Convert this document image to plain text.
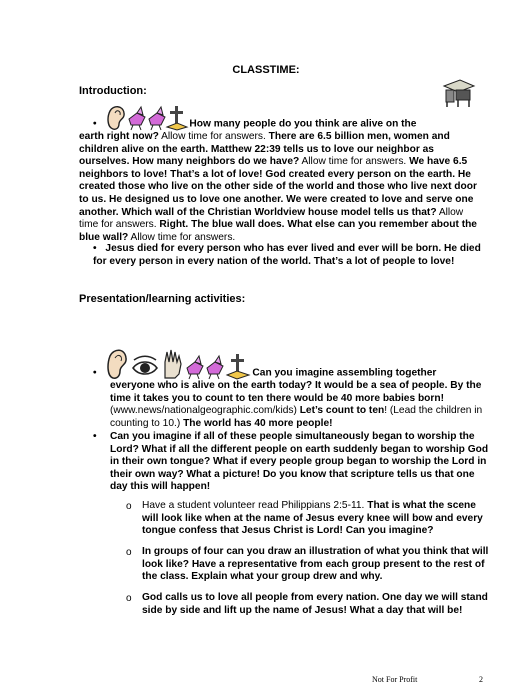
CLASSTIME:
Introduction:
•	How many people do you think are alive on the
earth right now? Allow time for answers. There are 6.5 billion men, women and children alive on the earth. Matthew 22:39 tells us to love our neighbor as ourselves. How many neighbors do we have? Allow time for answers. We have 6.5 neighbors to love! That’s a lot of love! God created every person on the earth. He created those who live on the other side of the world and those who live next door to us. He designed us to love one another. We were created to love and serve one another. Which wall of the Christian Worldview house model tells us that? Allow time for answers. Right. The blue wall does. What else can you remember about the blue wall? Allow time for answers.
• Jesus died for every person who has ever lived and ever will be born. He died for every person in every nation of the world. That’s a lot of people to love!
Presentation/learning activities:
•	Can you imagine assembling together
everyone who is alive on the earth today? It would be a sea of people. By the time it takes you to count to ten there would be 40 more babies born! (www.news/nationalgeographic.com/kids) Let’s count to ten! (Lead the children in counting to 10.) The world has 40 more people!
• Can you imagine if all of these people simultaneously began to worship the Lord? What if all the different people on earth suddenly began to worship God in their own tongue? What if every people group began to worship the Lord in their own way? What a picture! Do you know that scripture tells us that one day this will happen!
o Have a student volunteer read Philippians 2:5-11. That is what the scene will look like when at the name of Jesus every knee will bow and every tongue confess that Jesus Christ is Lord! Can you imagine?
o In groups of four can you draw an illustration of what you think that will look like? Have a representative from each group present to the rest of the class. Explain what your group drew and why.
o God calls us to love all people from every nation. One day we will stand side by side and lift up the name of Jesus! What a day that will be!
Not For Profit	2
